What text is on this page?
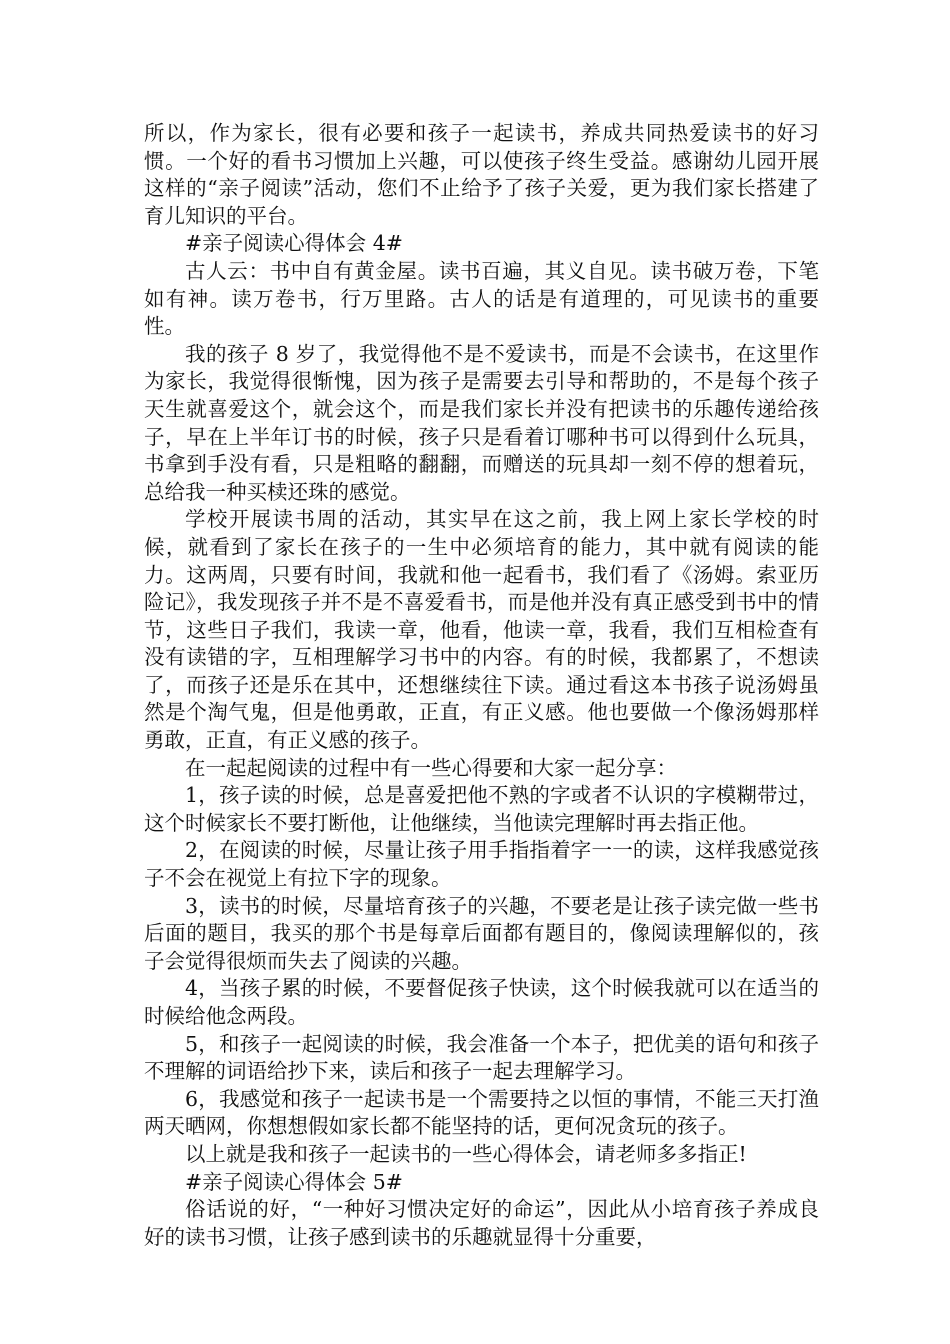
所以，作为家长，很有必要和孩子一起读书，养成共同热爱读书的好习惯。一个好的看书习惯加上兴趣，可以使孩子终生受益。感谢幼儿园开展这样的“亲子阅读”活动，您们不止给予了孩子关爱，更为我们家长搭建了育儿知识的平台。

#亲子阅读心得体会 4#

古人云：书中自有黄金屋。读书百遍，其义自见。读书破万卷，下笔如有神。读万卷书，行万里路。古人的话是有道理的，可见读书的重要性。

我的孩子 8 岁了，我觉得他不是不爱读书，而是不会读书，在这里作为家长，我觉得很惭愧，因为孩子是需要去引导和帮助的，不是每个孩子天生就喜爱这个，就会这个，而是我们家长并没有把读书的乐趣传递给孩子，早在上半年订书的时候，孩子只是看着订哪种书可以得到什么玩具，书拿到手没有看，只是粗略的翻翻，而赠送的玩具却一刻不停的想着玩，总给我一种买椟还珠的感觉。

学校开展读书周的活动，其实早在这之前，我上网上家长学校的时候，就看到了家长在孩子的一生中必须培育的能力，其中就有阅读的能力。这两周，只要有时间，我就和他一起看书，我们看了《汤姆。索亚历险记》，我发现孩子并不是不喜爱看书，而是他并没有真正感受到书中的情节，这些日子我们，我读一章，他看，他读一章，我看，我们互相检查有没有读错的字，互相理解学习书中的内容。有的时候，我都累了，不想读了，而孩子还是乐在其中，还想继续往下读。通过看这本书孩子说汤姆虽然是个淘气鬼，但是他勇敢，正直，有正义感。他也要做一个像汤姆那样勇敢，正直，有正义感的孩子。

在一起起阅读的过程中有一些心得要和大家一起分享：

1，孩子读的时候，总是喜爱把他不熟的字或者不认识的字模糊带过，这个时候家长不要打断他，让他继续，当他读完理解时再去指正他。

2，在阅读的时候，尽量让孩子用手指指着字一一的读，这样我感觉孩子不会在视觉上有拉下字的现象。

3，读书的时候，尽量培育孩子的兴趣，不要老是让孩子读完做一些书后面的题目，我买的那个书是每章后面都有题目的，像阅读理解似的，孩子会觉得很烦而失去了阅读的兴趣。

4，当孩子累的时候，不要督促孩子快读，这个时候我就可以在适当的时候给他念两段。

5，和孩子一起阅读的时候，我会准备一个本子，把优美的语句和孩子不理解的词语给抄下来，读后和孩子一起去理解学习。

6，我感觉和孩子一起读书是一个需要持之以恒的事情，不能三天打渔两天晒网，你想想假如家长都不能坚持的话，更何况贪玩的孩子。

以上就是我和孩子一起读书的一些心得体会，请老师多多指正!

#亲子阅读心得体会 5#

俗话说的好，“一种好习惯决定好的命运”，因此从小培育孩子养成良好的读书习惯，让孩子感到读书的乐趣就显得十分重要，
